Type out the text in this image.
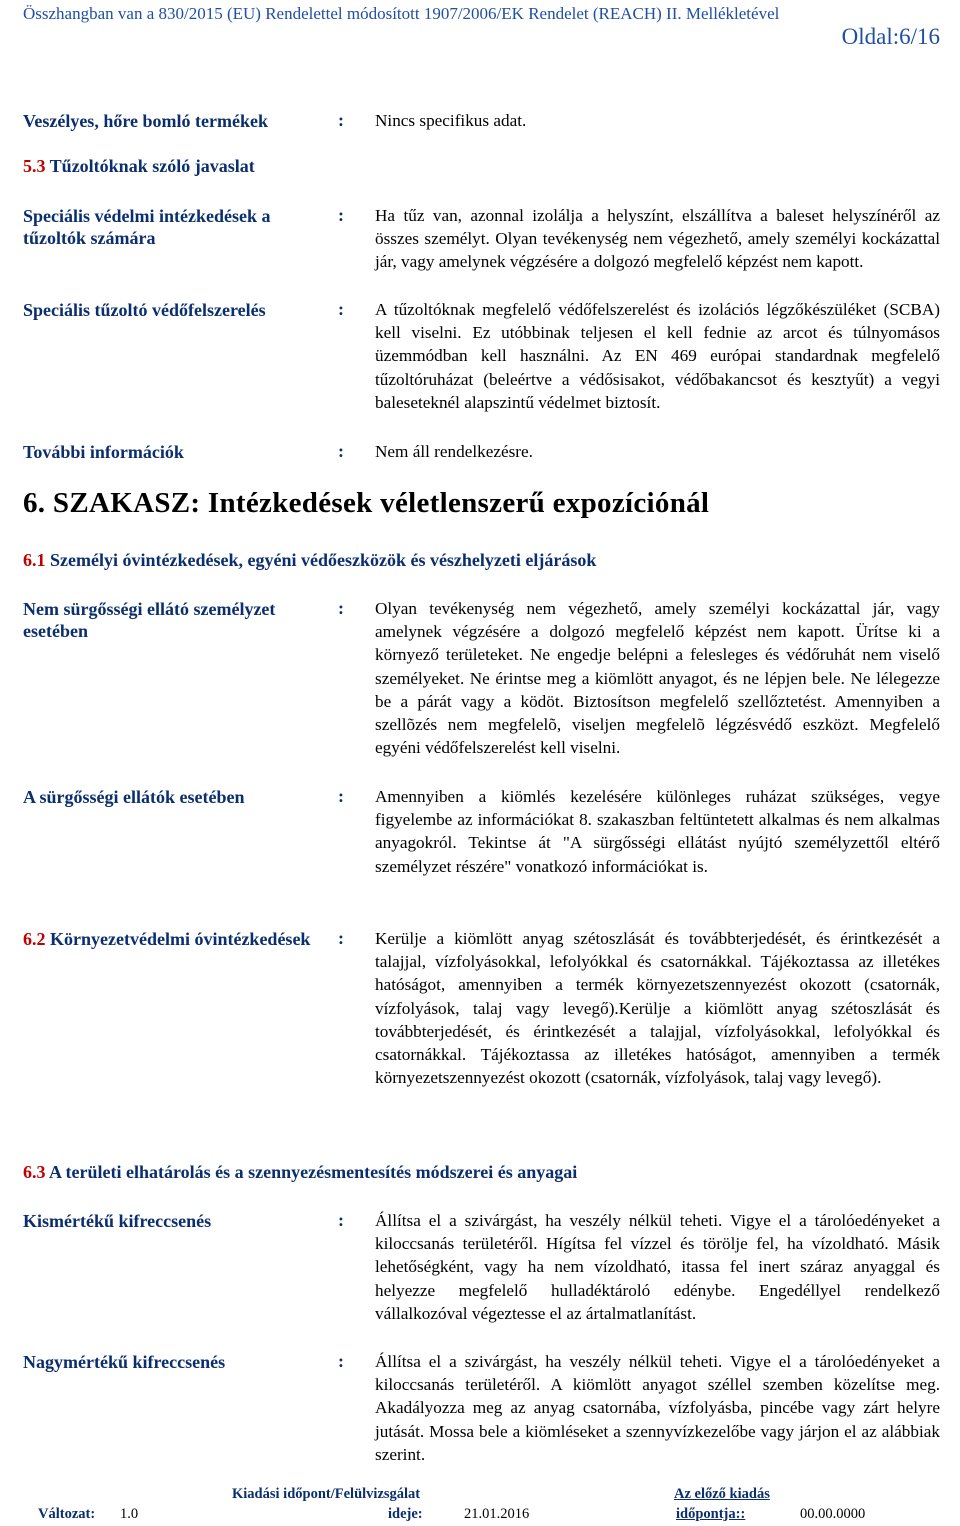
Összhangban van a 830/2015 (EU) Rendelettel módosított 1907/2006/EK Rendelet (REACH) II. Mellékletével
Oldal:6/16
Veszélyes, hőre bomló termékek	: Nincs specifikus adat.
5.3 Tűzoltóknak szóló javaslat
Speciális védelmi intézkedések a tűzoltók számára
: Ha tűz van, azonnal izolálja a helyszínt, elszállítva a baleset helyszínéről az összes személyt. Olyan tevékenység nem végezhető, amely személyi kockázattal jár, vagy amelynek végzésére a dolgozó megfelelő képzést nem kapott.
Speciális tűzoltó védőfelszerelés	: A tűzoltóknak megfelelő védőfelszerelést és izolációs légzőkészüléket (SCBA) kell viselni. Ez utóbbinak teljesen el kell fednie az arcot és túlnyomásos üzemmódban kell használni. Az EN 469 európai standardnak megfelelő tűzoltóruházat (beleértve a védősisakot, védőbakancsot és kesztyűt) a vegyi baleseteknél alapszintű védelmet biztosít.
További információk	: Nem áll rendelkezésre.
6. SZAKASZ: Intézkedések véletlenszerű expozíciónál
6.1 Személyi óvintézkedések, egyéni védőeszközök és vészhelyzeti eljárások
Nem sürgősségi ellátó személyzet esetében
: Olyan tevékenység nem végezhető, amely személyi kockázattal jár, vagy amelynek végzésére a dolgozó megfelelő képzést nem kapott. Ürítse ki a környező területeket. Ne engedje belépni a felesleges és védőruhát nem viselő személyeket. Ne érintse meg a kiömlött anyagot, és ne lépjen bele. Ne lélegezze be a párát vagy a ködöt. Biztosítson megfelelő szellőztetést. Amennyiben a szellõzés nem megfelelõ, viseljen megfelelõ légzésvédő eszközt. Megfelelő egyéni védőfelszerelést kell viselni.
A sürgősségi ellátók esetében	: Amennyiben a kiömlés kezelésére különleges ruházat szükséges, vegye figyelembe az információkat 8. szakaszban feltüntetett alkalmas és nem alkalmas anyagokról. Tekintse át "A sürgősségi ellátást nyújtó személyzettől eltérő személyzet részére" vonatkozó információkat is.
6.2 Környezetvédelmi óvintézkedések	: Kerülje a kiömlött anyag szétoszlását és továbbterjedését, és érintkezését a talajjal, vízfolyásokkal, lefolyókkal és csatornákkal. Tájékoztassa az illetékes hatóságot, amennyiben a termék környezetszennyezést okozott (csatornák, vízfolyások, talaj vagy levegő).Kerülje a kiömlött anyag szétoszlását és továbbterjedését, és érintkezését a talajjal, vízfolyásokkal, lefolyókkal és csatornákkal. Tájékoztassa az illetékes hatóságot, amennyiben a termék környezetszennyezést okozott (csatornák, vízfolyások, talaj vagy levegő).
6.3 A területi elhatárolás és a szennyezésmentesítés módszerei és anyagai
Kismértékű kifreccsenés	: Állítsa el a szivárgást, ha veszély nélkül teheti. Vigye el a tárolóedényeket a kiloccsanás területéről. Hígítsa fel vízzel és törölje fel, ha vízoldható. Másik lehetőségként, vagy ha nem vízoldható, itassa fel inert száraz anyaggal és helyezze megfelelő hulladéktároló edénybe. Engedéllyel rendelkező vállalkozóval végeztesse el az ártalmatlanítást.
Nagymértékű kifreccsenés	: Állítsa el a szivárgást, ha veszély nélkül teheti. Vigye el a tárolóedényeket a kiloccsanás területéről. A kiömlött anyagot széllel szemben közelítse meg. Akadályozza meg az anyag csatornába, vízfolyásba, pincébe vagy zárt helyre jutását. Mossa bele a kiömléseket a szennyvízkezelőbe vagy járjon el az alábbiak szerint.
Változat: 1.0
Kiadási időpont/Felülvizsgálat
ideje:	21.01.2016
Az előző kiadás
időpontja::	00.00.0000
